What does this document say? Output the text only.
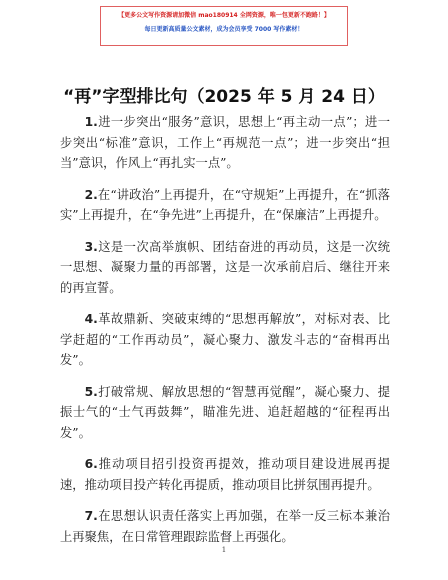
【更多公文写作资源请加微信 mao180914 全网资源，唯一包更新不跑路！】
每日更新高质量公文素材，成为会员享受 7000 写作素材！
“再”字型排比句（2025 年 5 月 24 日）

1.进一步突出“服务”意识，思想上“再主动一点”；进一步突出“标准”意识，工作上“再规范一点”；进一步突出“担当”意识，作风上“再扎实一点”。

2.在“讲政治”上再提升，在“守规矩”上再提升，在“抓落实”上再提升，在“争先进”上再提升，在“保廉洁”上再提升。

3.这是一次高举旗帜、团结奋进的再动员，这是一次统一思想、凝聚力量的再部署，这是一次承前启后、继往开来的再宣誓。

4.革故鼎新、突破束缚的“思想再解放”，对标对表、比学赶超的“工作再动员”，凝心聚力、激发斗志的“奋楫再出发”。

5.打破常规、解放思想的“智慧再觉醒”，凝心聚力、提振士气的“士气再鼓舞”，瞄准先进、追赶超越的“征程再出发”。

6.推动项目招引投资再提效，推动项目建设进展再提速，推动项目投产转化再提质，推动项目比拼氛围再提升。

7.在思想认识责任落实上再加强，在举一反三标本兼治上再聚焦，在日常管理跟踪监督上再强化。

1
